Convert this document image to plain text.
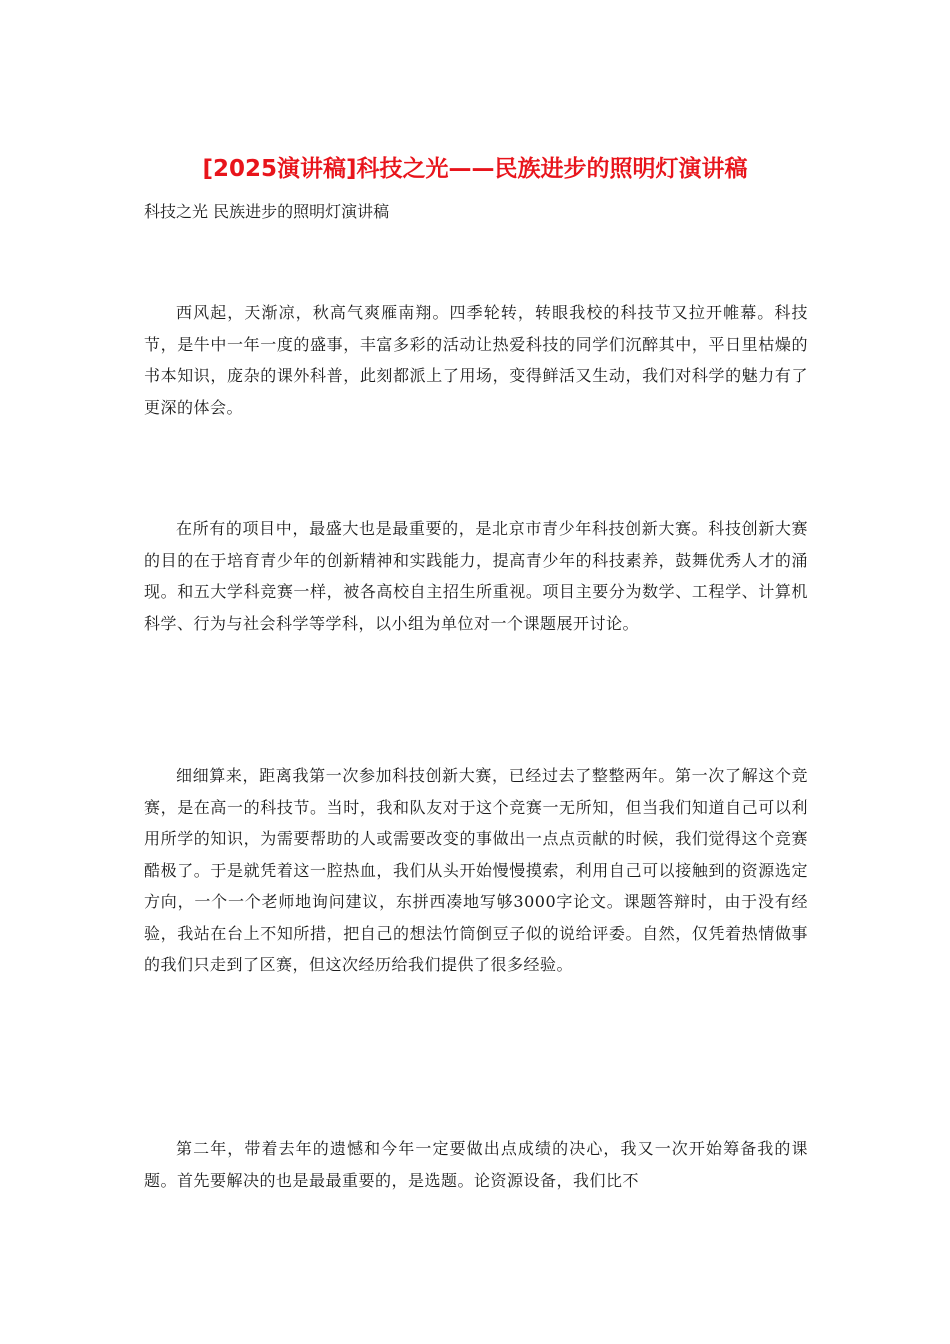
[2025演讲稿]科技之光——民族进步的照明灯演讲稿
科技之光 民族进步的照明灯演讲稿

西风起，天渐凉，秋高气爽雁南翔。四季轮转，转眼我校的科技节又拉开帷幕。科技节，是牛中一年一度的盛事，丰富多彩的活动让热爱科技的同学们沉醉其中，平日里枯燥的书本知识，庞杂的课外科普，此刻都派上了用场，变得鲜活又生动，我们对科学的魅力有了更深的体会。

在所有的项目中，最盛大也是最重要的，是北京市青少年科技创新大赛。科技创新大赛的目的在于培育青少年的创新精神和实践能力，提高青少年的科技素养，鼓舞优秀人才的涌现。和五大学科竞赛一样，被各高校自主招生所重视。项目主要分为数学、工程学、计算机科学、行为与社会科学等学科，以小组为单位对一个课题展开讨论。

细细算来，距离我第一次参加科技创新大赛，已经过去了整整两年。第一次了解这个竞赛，是在高一的科技节。当时，我和队友对于这个竞赛一无所知，但当我们知道自己可以利用所学的知识，为需要帮助的人或需要改变的事做出一点点贡献的时候，我们觉得这个竞赛酷极了。于是就凭着这一腔热血，我们从头开始慢慢摸索，利用自己可以接触到的资源选定方向，一个一个老师地询问建议，东拼西凑地写够3000字论文。课题答辩时，由于没有经验，我站在台上不知所措，把自己的想法竹筒倒豆子似的说给评委。自然，仅凭着热情做事的我们只走到了区赛，但这次经历给我们提供了很多经验。

第二年，带着去年的遗憾和今年一定要做出点成绩的决心，我又一次开始筹备我的课题。首先要解决的也是最最重要的，是选题。论资源设备，我们比不
